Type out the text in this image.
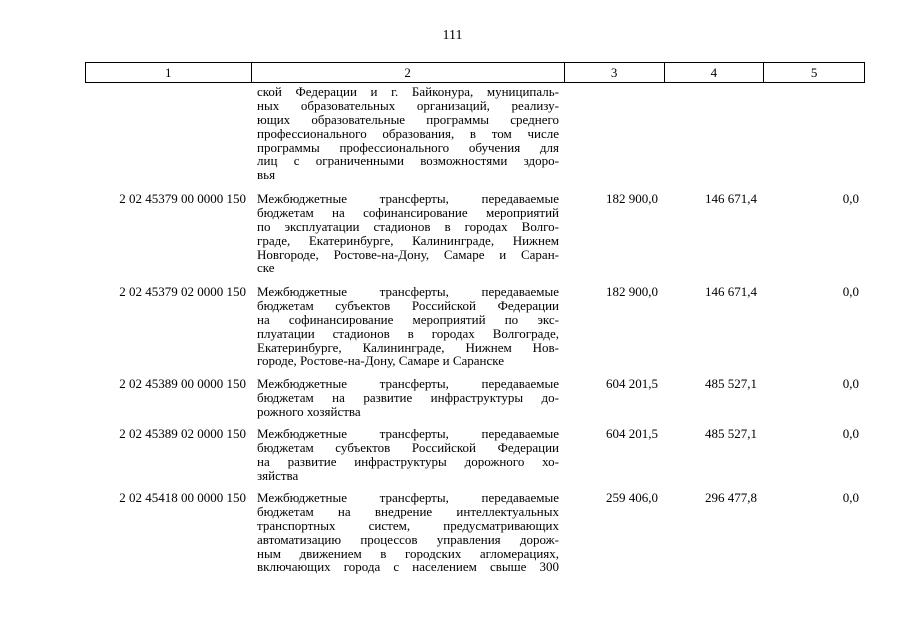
111
1	2	3	4	5
ской Федерации и г. Байконура, муниципаль-
ных образовательных организаций, реализу-
ющих образовательные программы среднего
профессионального образования, в том числе
программы профессионального обучения для
лиц с ограниченными возможностями здоро-
вья
2 02 45379 00 0000 150 Межбюджетные трансферты, передаваемые
бюджетам на софинансирование мероприятий
по эксплуатации стадионов в городах Волго-
граде, Екатеринбурге, Калининграде, Нижнем
Новгороде, Ростове-на-Дону, Самаре и Саран-
ске
182 900,0	146 671,4	0,0
2 02 45379 02 0000 150 Межбюджетные трансферты, передаваемые
бюджетам субъектов Российской Федерации
на софинансирование мероприятий по экс-
плуатации стадионов в городах Волгограде,
Екатеринбурге, Калининграде, Нижнем Нов-
городе, Ростове-на-Дону, Самаре и Саранске
182 900,0	146 671,4	0,0
2 02 45389 00 0000 150 Межбюджетные трансферты, передаваемые
бюджетам на развитие инфраструктуры до-
рожного хозяйства
604 201,5	485 527,1	0,0
2 02 45389 02 0000 150 Межбюджетные трансферты, передаваемые
бюджетам субъектов Российской Федерации
на развитие инфраструктуры дорожного хо-
зяйства
604 201,5	485 527,1	0,0
2 02 45418 00 0000 150 Межбюджетные трансферты, передаваемые
бюджетам на внедрение интеллектуальных
транспортных систем, предусматривающих
автоматизацию процессов управления дорож-
ным движением в городских агломерациях,
включающих города с населением свыше 300
259 406,0	296 477,8	0,0
